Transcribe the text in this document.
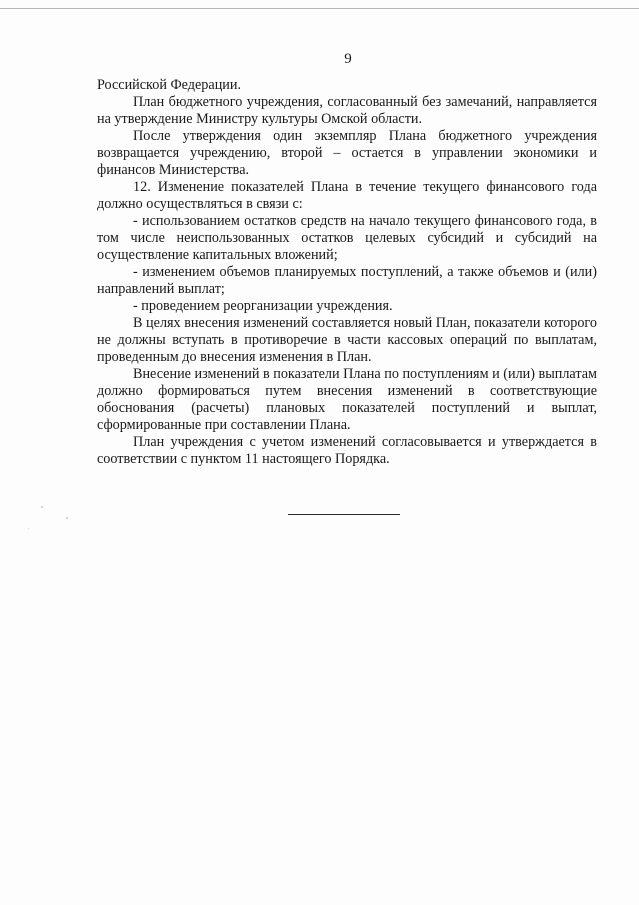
9

Российской Федерации.

План бюджетного учреждения, согласованный без замечаний, направляется на утверждение Министру культуры Омской области.

После утверждения один экземпляр Плана бюджетного учреждения возвращается учреждению, второй – остается в управлении экономики и финансов Министерства.

12. Изменение показателей Плана в течение текущего финансового года должно осуществляться в связи с:

- использованием остатков средств на начало текущего финансового года, в том числе неиспользованных остатков целевых субсидий и субсидий на осуществление капитальных вложений;

- изменением объемов планируемых поступлений, а также объемов и (или) направлений выплат;

- проведением реорганизации учреждения.

В целях внесения изменений составляется новый План, показатели которого не должны вступать в противоречие в части кассовых операций по выплатам, проведенным до внесения изменения в План.

Внесение изменений в показатели Плана по поступлениям и (или) выплатам должно формироваться путем внесения изменений в соответствующие обоснования (расчеты) плановых показателей поступлений и выплат, сформированные при составлении Плана.

План учреждения с учетом изменений согласовывается и утверждается в соответствии с пунктом 11 настоящего Порядка.
